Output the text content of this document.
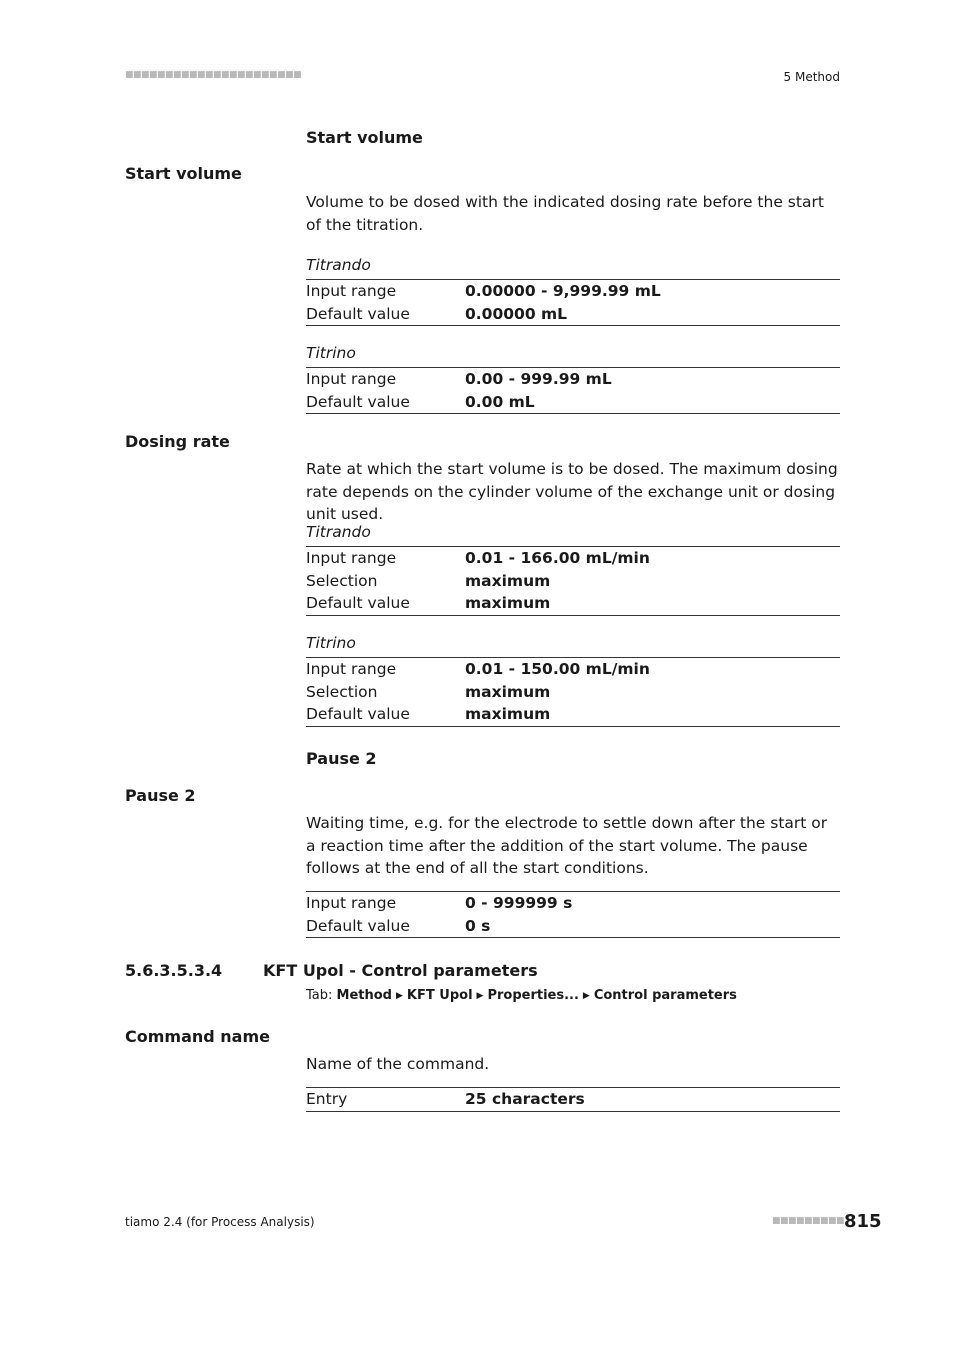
■■■■■■■■■■■■■■■■■■■■■■	5 Method
Start volume
Start volume
Volume to be dosed with the indicated dosing rate before the start of the titration.
Titrando
Input range	0.00000 - 9,999.99 mL
Default value	0.00000 mL
Titrino
Input range	0.00 - 999.99 mL
Default value	0.00 mL
Dosing rate
Rate at which the start volume is to be dosed. The maximum dosing rate depends on the cylinder volume of the exchange unit or dosing unit used.
Titrando
Input range	0.01 - 166.00 mL/min
Selection	maximum
Default value	maximum
Titrino
Input range	0.01 - 150.00 mL/min
Selection	maximum
Default value	maximum
Pause 2
Pause 2
Waiting time, e.g. for the electrode to settle down after the start or a reaction time after the addition of the start volume. The pause follows at the end of all the start conditions.
Input range	0 - 999999 s
Default value	0 s
5.6.3.5.3.4	KFT Upol - Control parameters
Tab: Method ▶ KFT Upol ▶ Properties... ▶ Control parameters
Command name
Name of the command.
Entry	25 characters
tiamo 2.4 (for Process Analysis)	■■■■■■■■■ 815
